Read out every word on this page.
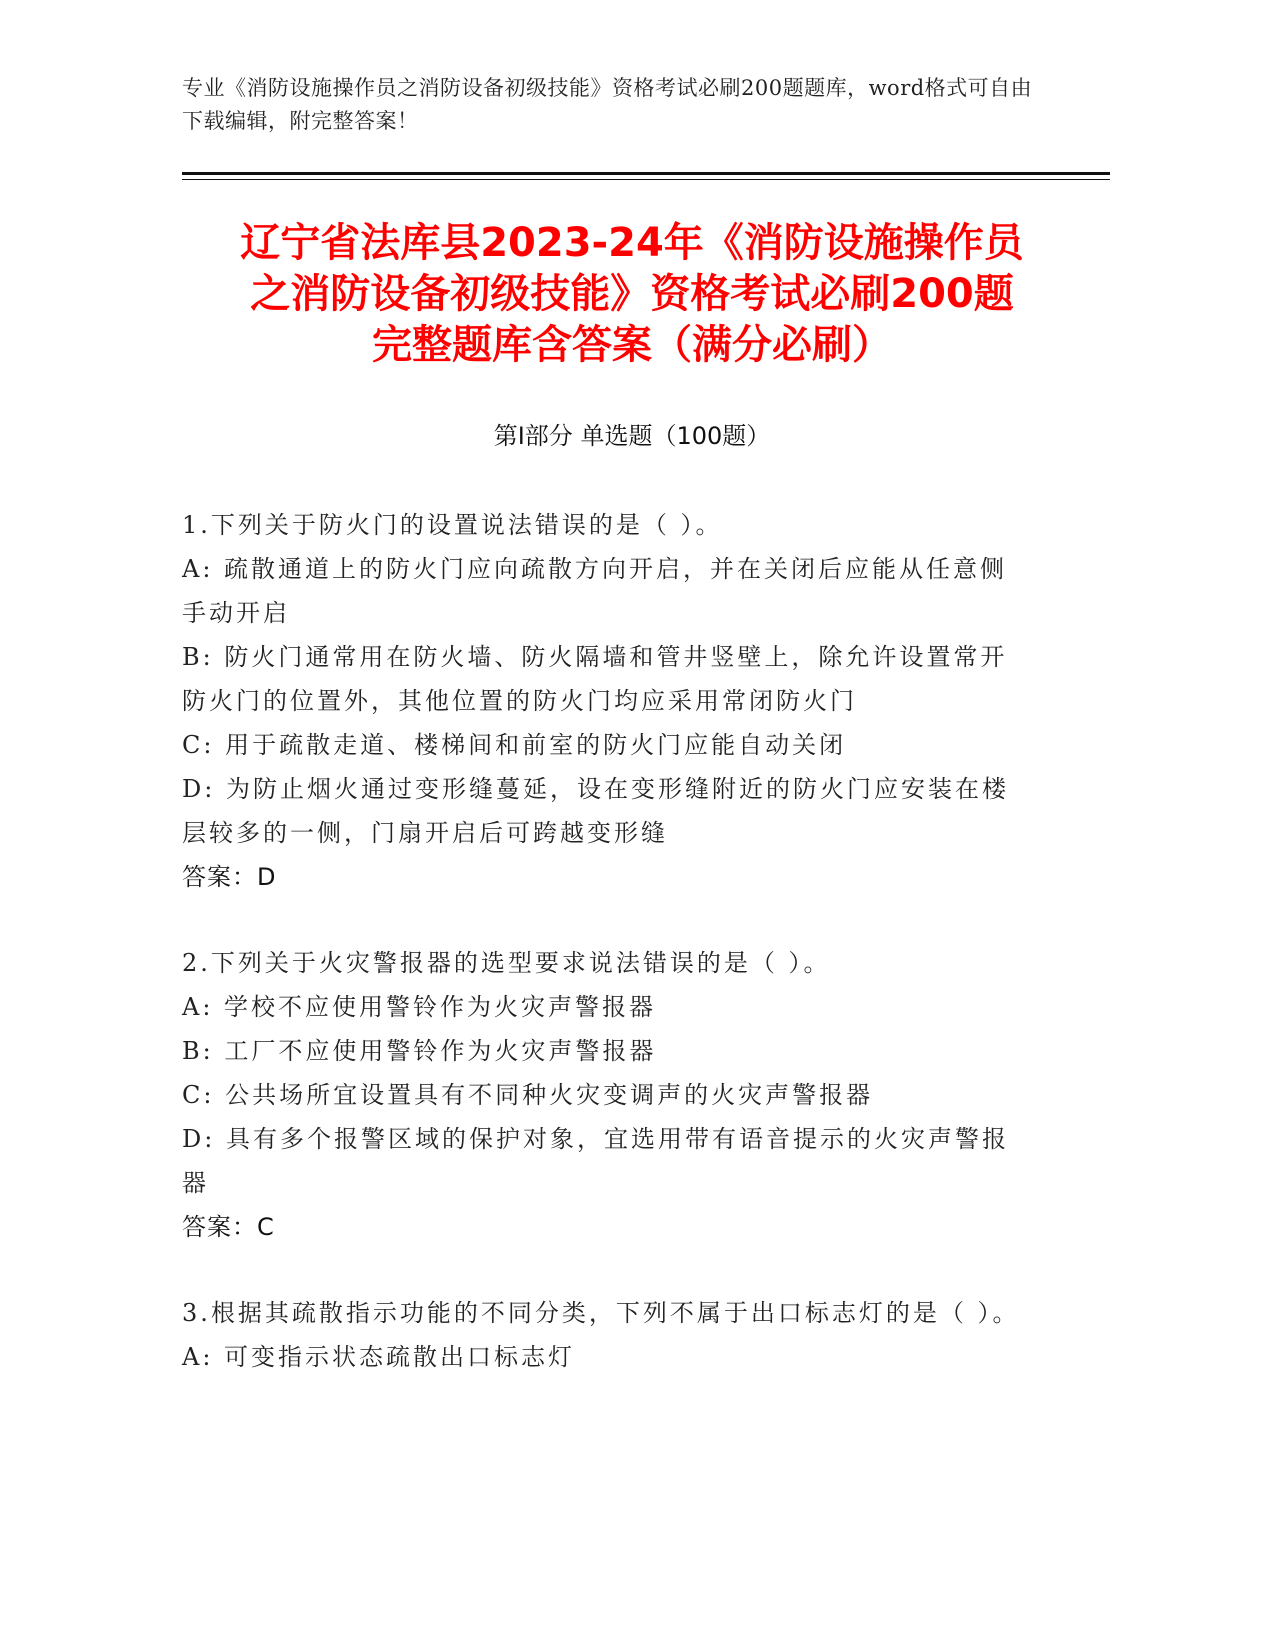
专业《消防设施操作员之消防设备初级技能》资格考试必刷200题题库，word格式可自由下载编辑，附完整答案！
辽宁省法库县2023-24年《消防设施操作员
之消防设备初级技能》资格考试必刷200题
完整题库含答案（满分必刷）
第Ⅰ部分 单选题（100题）
1.下列关于防火门的设置说法错误的是（ ）。
A: 疏散通道上的防火门应向疏散方向开启，并在关闭后应能从任意侧手动开启
B: 防火门通常用在防火墙、防火隔墙和管井竖壁上，除允许设置常开防火门的位置外，其他位置的防火门均应采用常闭防火门
C: 用于疏散走道、楼梯间和前室的防火门应能自动关闭
D: 为防止烟火通过变形缝蔓延，设在变形缝附近的防火门应安装在楼层较多的一侧，门扇开启后可跨越变形缝
答案：D
2.下列关于火灾警报器的选型要求说法错误的是（ ）。
A: 学校不应使用警铃作为火灾声警报器
B: 工厂不应使用警铃作为火灾声警报器
C: 公共场所宜设置具有不同种火灾变调声的火灾声警报器
D: 具有多个报警区域的保护对象，宜选用带有语音提示的火灾声警报器
答案：C
3.根据其疏散指示功能的不同分类，下列不属于出口标志灯的是（ ）。
A: 可变指示状态疏散出口标志灯
